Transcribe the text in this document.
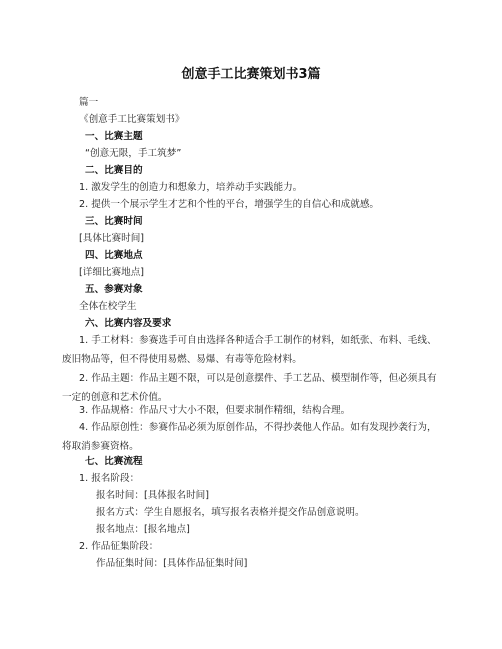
创意手工比赛策划书3篇
篇一
《创意手工比赛策划书》
一、比赛主题
“创意无限，手工筑梦”
二、比赛目的
1. 激发学生的创造力和想象力，培养动手实践能力。
2. 提供一个展示学生才艺和个性的平台，增强学生的自信心和成就感。
三、比赛时间
[具体比赛时间]
四、比赛地点
[详细比赛地点]
五、参赛对象
全体在校学生
六、比赛内容及要求
1. 手工材料：参赛选手可自由选择各种适合手工制作的材料，如纸张、布料、毛线、废旧物品等，但不得使用易燃、易爆、有毒等危险材料。
2. 作品主题：作品主题不限，可以是创意摆件、手工艺品、模型制作等，但必须具有一定的创意和艺术价值。
3. 作品规格：作品尺寸大小不限，但要求制作精细，结构合理。
4. 作品原创性：参赛作品必须为原创作品，不得抄袭他人作品。如有发现抄袭行为，将取消参赛资格。
七、比赛流程
1. 报名阶段：
报名时间：[具体报名时间]
报名方式：学生自愿报名，填写报名表格并提交作品创意说明。
报名地点：[报名地点]
2. 作品征集阶段：
作品征集时间：[具体作品征集时间]
